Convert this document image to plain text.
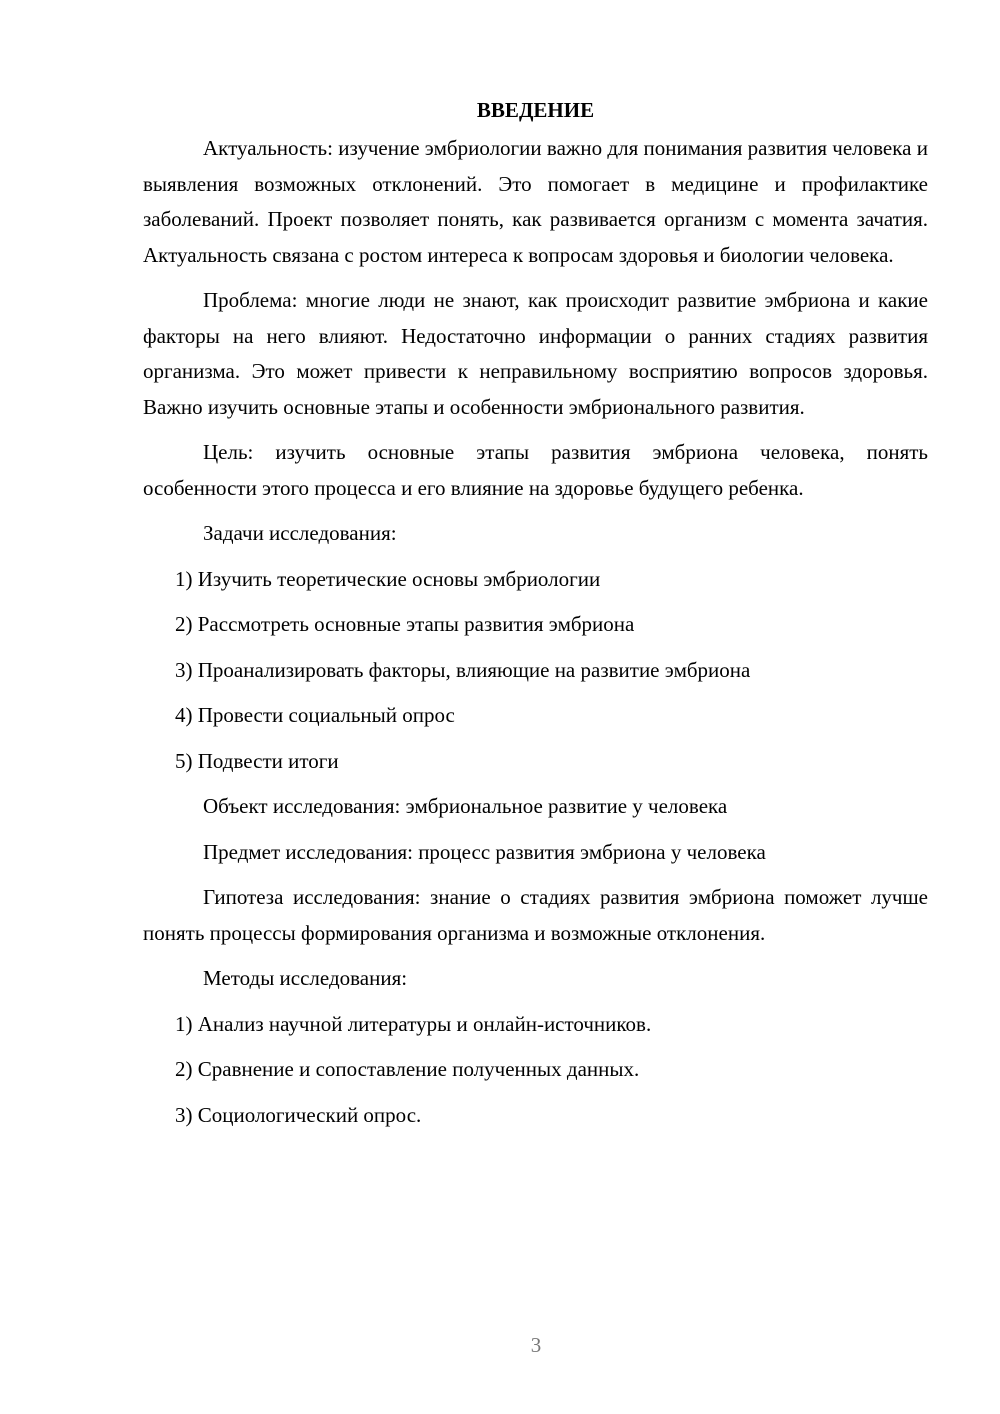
ВВЕДЕНИЕ

Актуальность: изучение эмбриологии важно для понимания развития человека и выявления возможных отклонений. Это помогает в медицине и профилактике заболеваний. Проект позволяет понять, как развивается организм с момента зачатия. Актуальность связана с ростом интереса к вопросам здоровья и биологии человека.

Проблема: многие люди не знают, как происходит развитие эмбриона и какие факторы на него влияют. Недостаточно информации о ранних стадиях развития организма. Это может привести к неправильному восприятию вопросов здоровья. Важно изучить основные этапы и особенности эмбрионального развития.

Цель: изучить основные этапы развития эмбриона человека, понять особенности этого процесса и его влияние на здоровье будущего ребенка.

Задачи исследования:

1) Изучить теоретические основы эмбриологии
2) Рассмотреть основные этапы развития эмбриона
3) Проанализировать факторы, влияющие на развитие эмбриона
4) Провести социальный опрос
5) Подвести итоги

Объект исследования: эмбриональное развитие у человека

Предмет исследования: процесс развития эмбриона у человека

Гипотеза исследования: знание о стадиях развития эмбриона поможет лучше понять процессы формирования организма и возможные отклонения.

Методы исследования:

1) Анализ научной литературы и онлайн-источников.
2) Сравнение и сопоставление полученных данных.
3) Социологический опрос.
3
